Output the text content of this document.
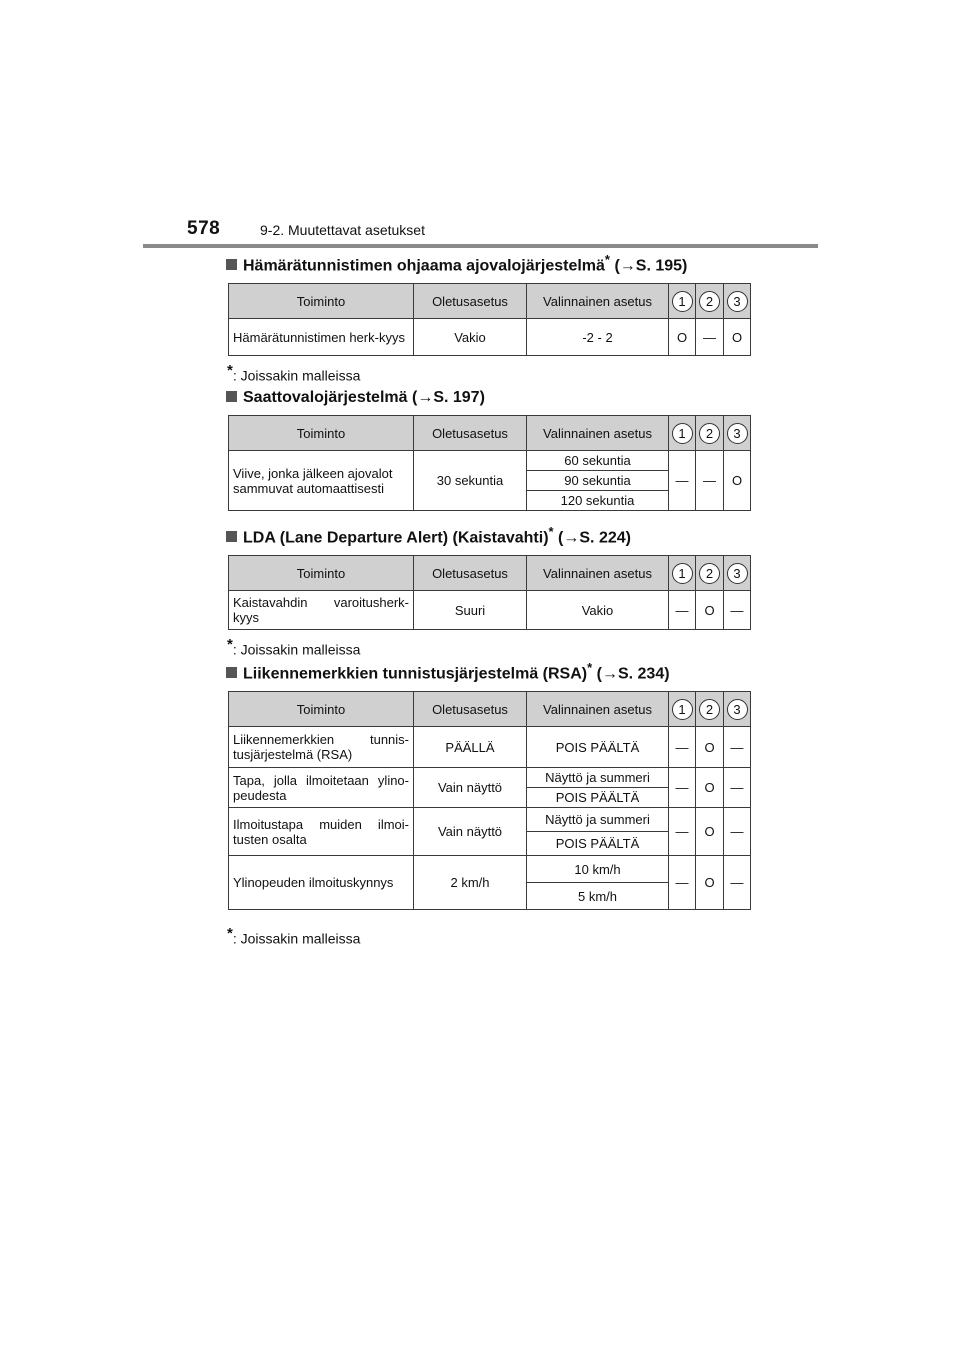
578	9-2. Muutettavat asetukset
Hämärätunnistimen ohjaama ajovalojärjestelmä* (→S. 195)
Toiminto	Oletusasetus	Valinnainen asetus	1	2	3
Hämärätunnistimen herk-kyys	Vakio	-2 - 2	O	—	O
*: Joissakin malleissa
Saattovalojärjestelmä (→S. 197)
Toiminto	Oletusasetus	Valinnainen asetus	1	2	3
Viive, jonka jälkeen ajovalot sammuvat automaattisesti	30 sekuntia	60 sekuntia	—	—	O
		90 sekuntia			
		120 sekuntia			
LDA (Lane Departure Alert) (Kaistavahti)* (→S. 224)
Toiminto	Oletusasetus	Valinnainen asetus	1	2	3
Kaistavahdin varoitusherk-kyys	Suuri	Vakio	—	O	—
*: Joissakin malleissa
Liikennemerkkien tunnistusjärjestelmä (RSA)* (→S. 234)
Toiminto	Oletusasetus	Valinnainen asetus	1	2	3
Liikennemerkkien tunnis-tusjärjestelmä (RSA)	PÄÄLLÄ	POIS PÄÄLTÄ	—	O	—
Tapa, jolla ilmoitetaan ylino-peudesta	Vain näyttö	Näyttö ja summeri	—	O	—
		POIS PÄÄLTÄ			
Ilmoitustapa muiden ilmoi-tusten osalta	Vain näyttö	Näyttö ja summeri	—	O	—
		POIS PÄÄLTÄ			
Ylinopeuden ilmoituskynnys	2 km/h	10 km/h	—	O	—
		5 km/h			
*: Joissakin malleissa
